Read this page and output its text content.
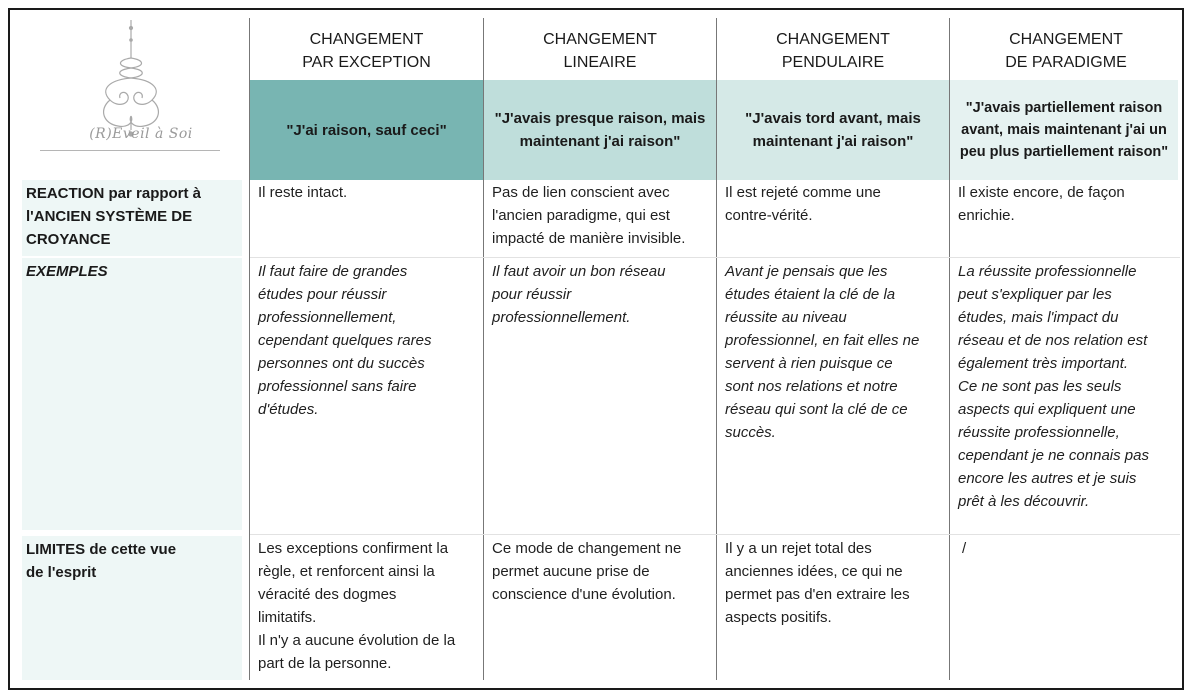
(R)Eveil à Soi
CHANGEMENT
PAR EXCEPTION
CHANGEMENT
LINEAIRE
CHANGEMENT
PENDULAIRE
CHANGEMENT
DE PARADIGME
"J'ai raison, sauf ceci"
"J'avais presque raison, mais maintenant j'ai raison"
"J'avais tord avant, mais maintenant j'ai raison"
"J'avais partiellement raison avant, mais maintenant j'ai un peu plus partiellement raison"
REACTION par rapport à
l'ANCIEN SYSTÈME DE
CROYANCE
EXEMPLES
LIMITES de cette vue
de l'esprit
Il reste intact.	Pas de lien conscient avec
l'ancien paradigme, qui est
impacté de manière invisible.
Il est rejeté comme une
contre-vérité.
Il existe encore, de façon
enrichie.
Il faut faire de grandes
études pour réussir
professionnellement,
cependant quelques rares
personnes ont du succès
professionnel sans faire
d'études.
Il faut avoir un bon réseau
pour réussir
professionnellement.
Avant je pensais que les
études étaient la clé de la
réussite au niveau
professionnel, en fait elles ne
servent à rien puisque ce
sont nos relations et notre
réseau qui sont la clé de ce
succès.
La réussite professionnelle
peut s'expliquer par les
études, mais l'impact du
réseau et de nos relation est
également très important.
Ce ne sont pas les seuls
aspects qui expliquent une
réussite professionnelle,
cependant je ne connais pas
encore les autres et je suis
prêt à les découvrir.
Les exceptions confirment la
règle, et renforcent ainsi la
véracité des dogmes
limitatifs.
Il n'y a aucune évolution de la
part de la personne.
Ce mode de changement ne
permet aucune prise de
conscience d'une évolution.
Il y a un rejet total des
anciennes idées, ce qui ne
permet pas d'en extraire les
aspects positifs.
/
